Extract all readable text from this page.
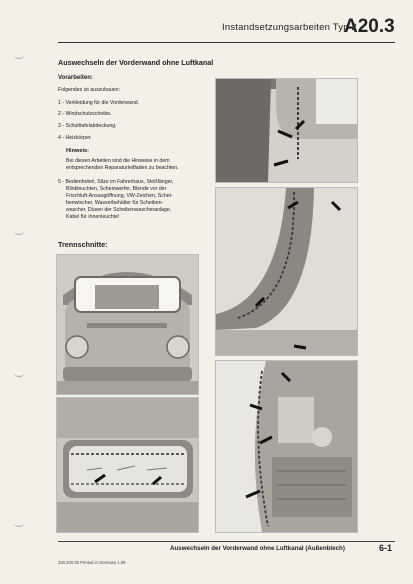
Instandsetzungsarbeiten Typ 2
A20.3
Auswechseln der Vorderwand ohne Luftkanal
Vorarbeiten:
Folgendes ist auszubauen:
1 - Verkleidung für die Vorderwand.
2 - Windschutzscheibe.
3 - Schalttafelabdeckung.
4 - Heizkörper.
Hinweis:
Bei diesen Arbeiten sind die Hinweise in dem
entsprechenden Reparaturleitfaden zu beachten.
5 - Bedienhebel, Sitze im Fahrerhaus, Stoßfänger,
Blinkleuchten, Scheinwerfer, Blende vor der
Frischluft-Ansaugöffnung, VW-Zeichen, Schei-
benwischer, Wasserbehälter für Scheiben-
wascher, Düsen der Scheibenwascheranlage,
Kabel für Innenleuchte!
Trennschnitte:
Auswechseln der Vorderwand ohne Luftkanal (Außenblech)	6-1
320.200.00 Printed in Germany 1.69
